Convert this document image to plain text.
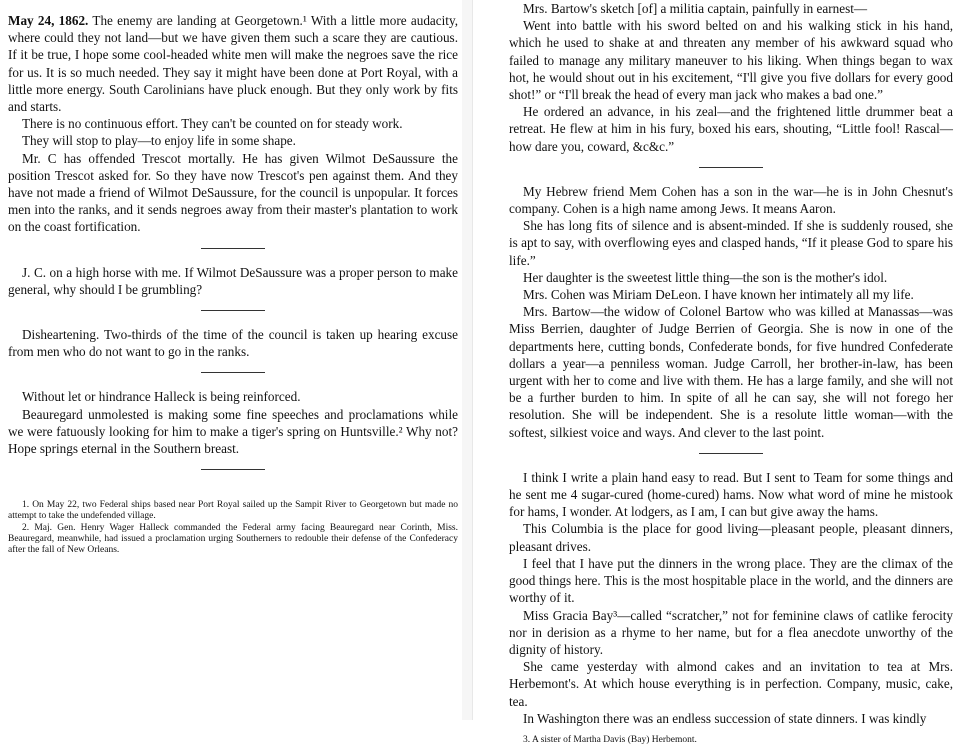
May 24, 1862. The enemy are landing at Georgetown.¹ With a little more audacity, where could they not land—but we have given them such a scare they are cautious. If it be true, I hope some cool-headed white men will make the negroes save the rice for us. It is so much needed. They say it might have been done at Port Royal, with a little more energy. South Carolinians have pluck enough. But they only work by fits and starts.

There is no continuous effort. They can't be counted on for steady work.

They will stop to play—to enjoy life in some shape.

Mr. C has offended Trescot mortally. He has given Wilmot DeSaussure the position Trescot asked for. So they have now Trescot's pen against them. And they have not made a friend of Wilmot DeSaussure, for the council is unpopular. It forces men into the ranks, and it sends negroes away from their master's plantation to work on the coast fortification.

J. C. on a high horse with me. If Wilmot DeSaussure was a proper person to make general, why should I be grumbling?

Disheartening. Two-thirds of the time of the council is taken up hearing excuse from men who do not want to go in the ranks.

Without let or hindrance Halleck is being reinforced.

Beauregard unmolested is making some fine speeches and proclamations while we were fatuously looking for him to make a tiger's spring on Huntsville.² Why not? Hope springs eternal in the Southern breast.

1. On May 22, two Federal ships based near Port Royal sailed up the Sampit River to Georgetown but made no attempt to take the undefended village.

2. Maj. Gen. Henry Wager Halleck commanded the Federal army facing Beauregard near Corinth, Miss. Beauregard, meanwhile, had issued a proclamation urging Southerners to redouble their defense of the Confederacy after the fall of New Orleans.

Mrs. Bartow's sketch [of] a militia captain, painfully in earnest—

Went into battle with his sword belted on and his walking stick in his hand, which he used to shake at and threaten any member of his awkward squad who failed to manage any military maneuver to his liking. When things began to wax hot, he would shout out in his excitement, “I'll give you five dollars for every good shot!” or “I'll break the head of every man jack who makes a bad one.”

He ordered an advance, in his zeal—and the frightened little drummer beat a retreat. He flew at him in his fury, boxed his ears, shouting, “Little fool! Rascal—how dare you, coward, &c&c.”

My Hebrew friend Mem Cohen has a son in the war—he is in John Chesnut's company. Cohen is a high name among Jews. It means Aaron.

She has long fits of silence and is absent-minded. If she is suddenly roused, she is apt to say, with overflowing eyes and clasped hands, “If it please God to spare his life.”

Her daughter is the sweetest little thing—the son is the mother's idol.

Mrs. Cohen was Miriam DeLeon. I have known her intimately all my life.

Mrs. Bartow—the widow of Colonel Bartow who was killed at Manassas—was Miss Berrien, daughter of Judge Berrien of Georgia. She is now in one of the departments here, cutting bonds, Confederate bonds, for five hundred Confederate dollars a year—a penniless woman. Judge Carroll, her brother-in-law, has been urgent with her to come and live with them. He has a large family, and she will not be a further burden to him. In spite of all he can say, she will not forego her resolution. She will be independent. She is a resolute little woman—with the softest, silkiest voice and ways. And clever to the last point.

I think I write a plain hand easy to read. But I sent to Team for some things and he sent me 4 sugar-cured (home-cured) hams. Now what word of mine he mistook for hams, I wonder. At lodgers, as I am, I can but give away the hams.

This Columbia is the place for good living—pleasant people, pleasant dinners, pleasant drives.

I feel that I have put the dinners in the wrong place. They are the climax of the good things here. This is the most hospitable place in the world, and the dinners are worthy of it.

Miss Gracia Bay³—called “scratcher,” not for feminine claws of catlike ferocity nor in derision as a rhyme to her name, but for a flea anecdote unworthy of the dignity of history.

She came yesterday with almond cakes and an invitation to tea at Mrs. Herbemont's. At which house everything is in perfection. Company, music, cake, tea.

In Washington there was an endless succession of state dinners. I was kindly

3. A sister of Martha Davis (Bay) Herbemont.
